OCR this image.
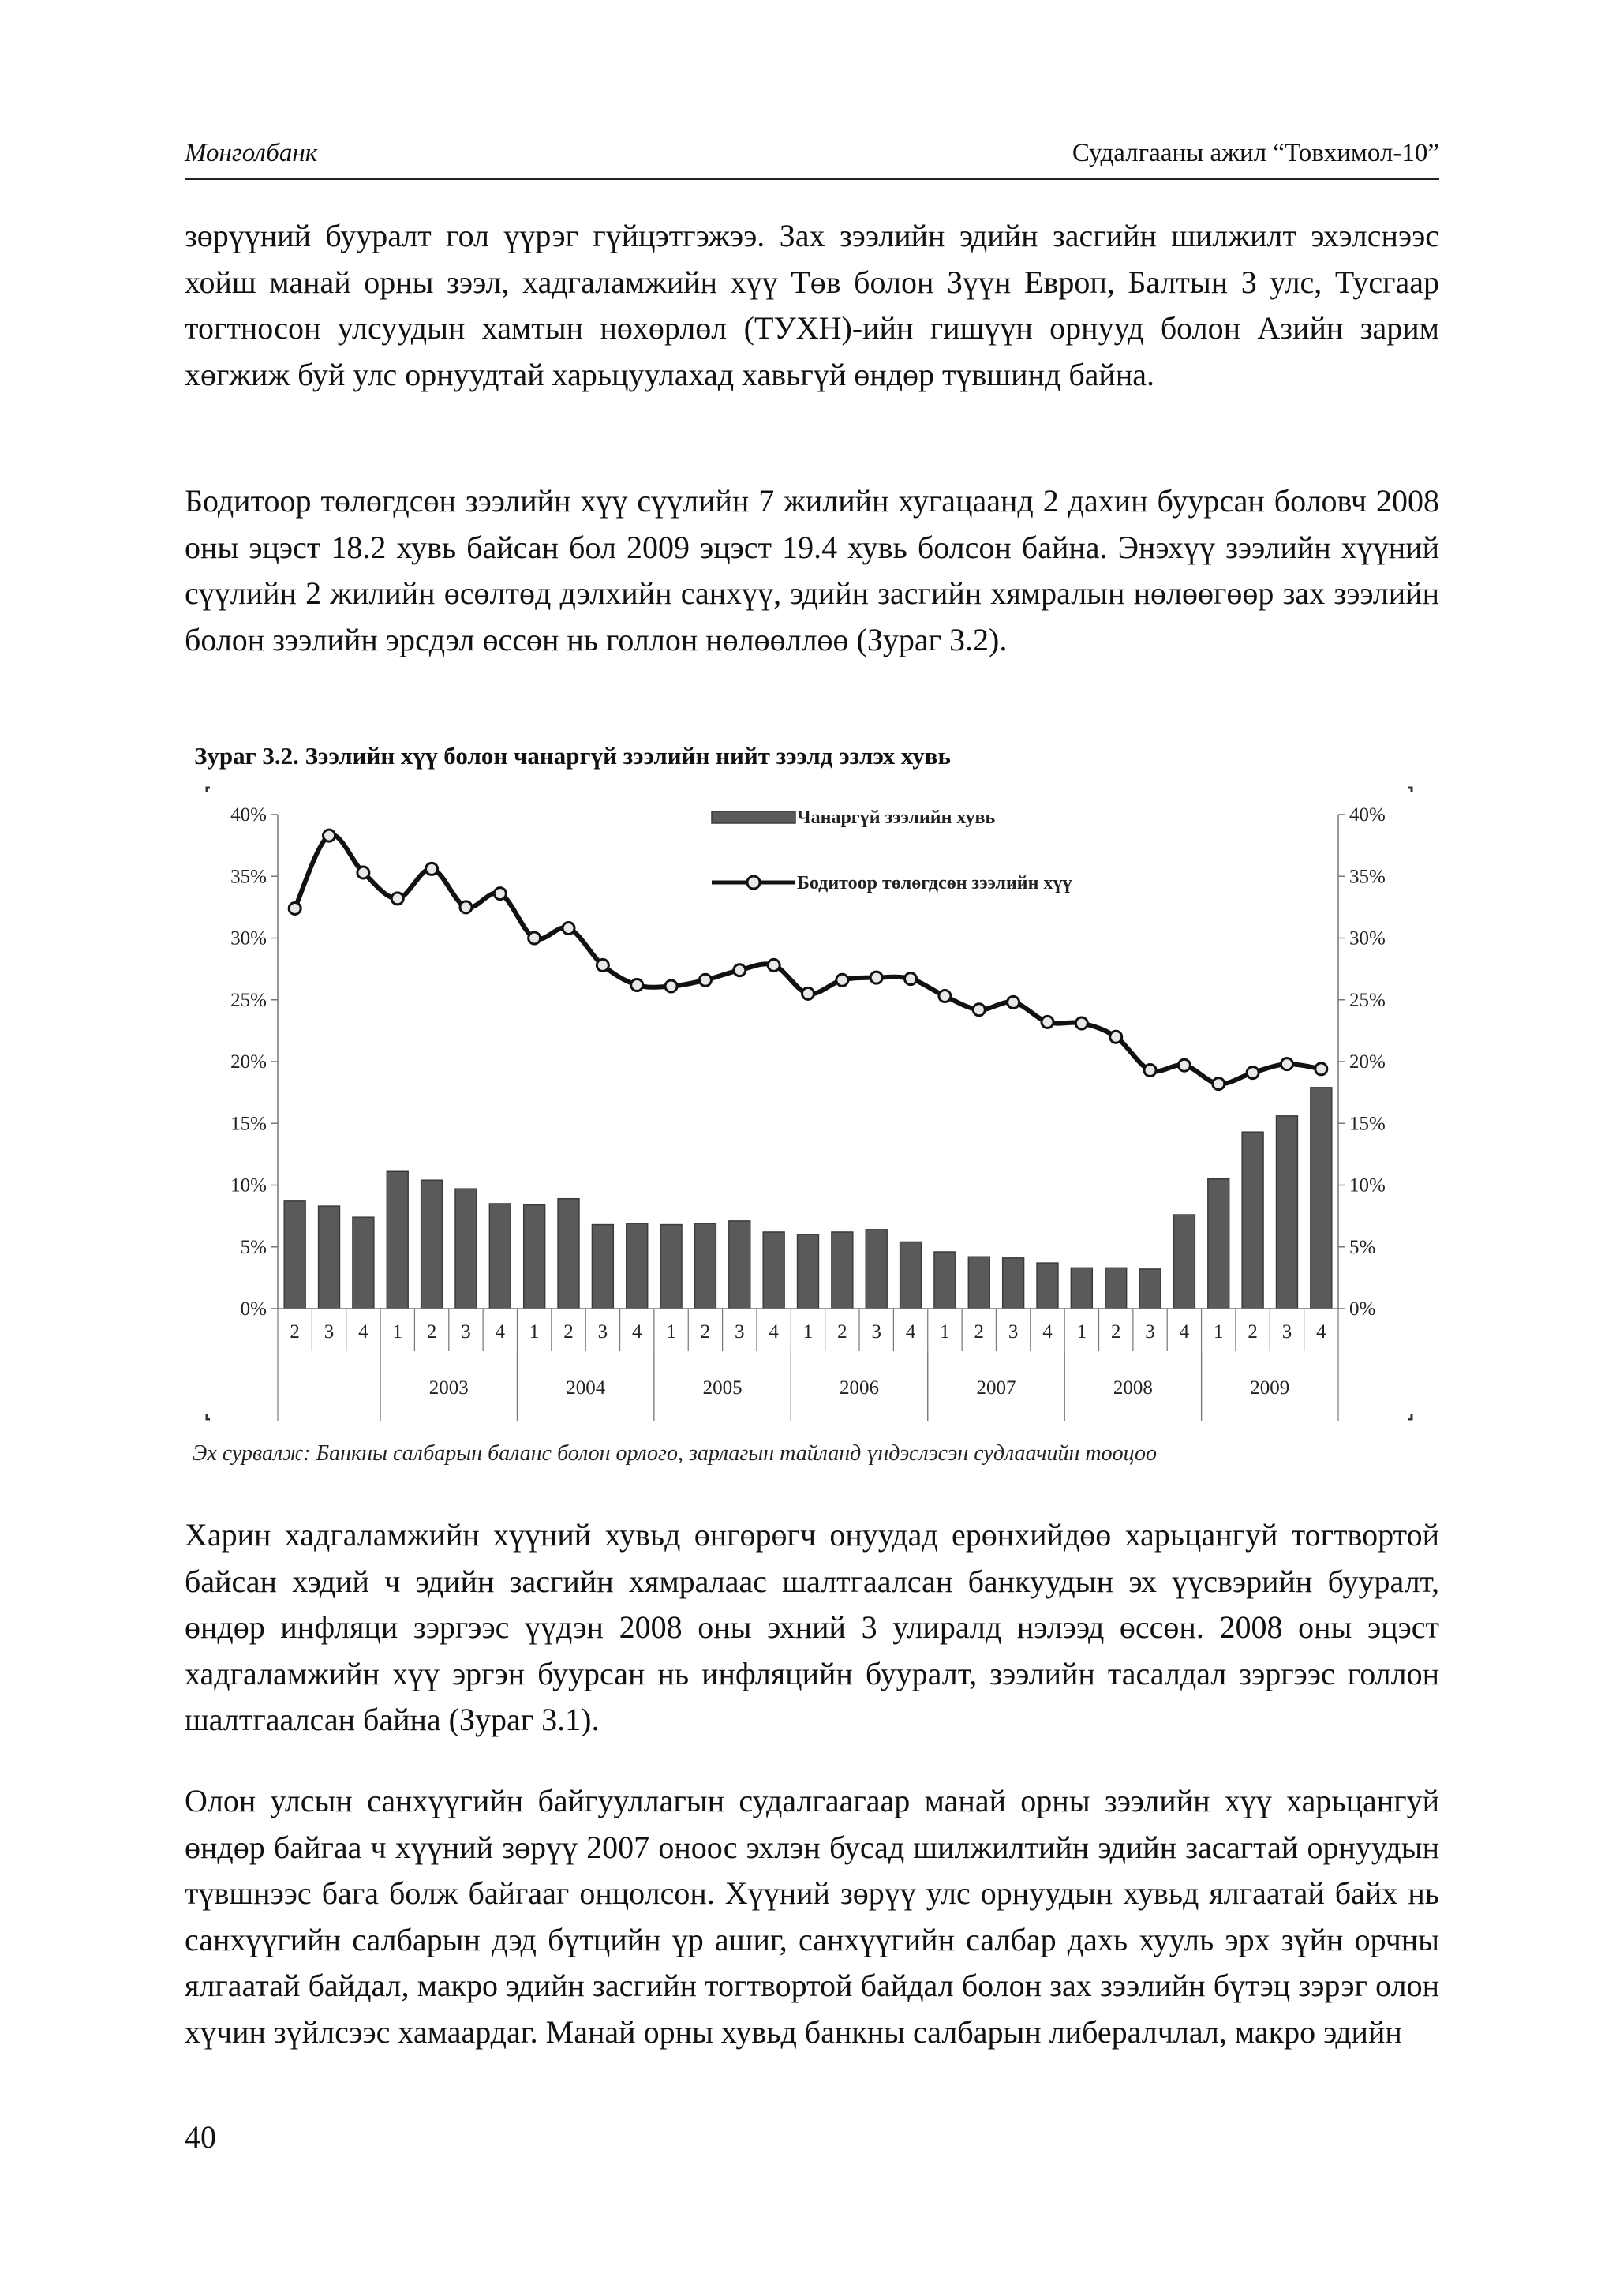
Монголбанк	Судалгааны ажил “Товхимол-10”

зөрүүний бууралт гол үүрэг гүйцэтгэжээ. Зах зээлийн эдийн засгийн шилжилт эхэлснээс хойш манай орны зээл, хадгаламжийн хүү Төв болон Зүүн Европ, Балтын 3 улс, Тусгаар тогтносон улсуудын хамтын нөхөрлөл (ТУХН)-ийн гишүүн орнууд болон Азийн зарим хөгжиж буй улс орнуудтай харьцуулахад хавьгүй өндөр түвшинд байна.

Бодитоор төлөгдсөн зээлийн хүү сүүлийн 7 жилийн хугацаанд 2 дахин буурсан боловч 2008 оны эцэст 18.2 хувь байсан бол 2009 эцэст 19.4 хувь болсон байна. Энэхүү зээлийн хүүний сүүлийн 2 жилийн өсөлтөд дэлхийн санхүү, эдийн засгийн хямралын нөлөөгөөр зах зээлийн болон зээлийн эрсдэл өссөн нь голлон нөлөөллөө (Зураг 3.2).

Зураг 3.2. Зээлийн хүү болон чанаргүй зээлийн нийт зээлд эзлэх хувь
0%
5%
10%
15%
20%
25%
30%
35%
40%
0%
5%
10%
15%
20%
25%
30%
35%
40%
2 3 4 1 2 3 4 1 2 3 4 1 2 3 4 1 2 3 4 1 2 3 4 1 2 3 4 1 2 3 4
2003	2004	2005	2006	2007	2008	2009
Чанаргүй зээлийн хувь
Бодитоор төлөгдсөн зээлийн хүү
Эх сурвалж: Банкны салбарын баланс болон орлого, зарлагын тайланд үндэслэсэн судлаачийн тооцоо

Харин хадгаламжийн хүүний хувьд өнгөрөгч онуудад ерөнхийдөө харьцангуй тогтвортой байсан хэдий ч эдийн засгийн хямралаас шалтгаалсан банкуудын эх үүсвэрийн бууралт, өндөр инфляци зэргээс үүдэн 2008 оны эхний 3 улиралд нэлээд өссөн. 2008 оны эцэст хадгаламжийн хүү эргэн буурсан нь инфляцийн бууралт, зээлийн тасалдал зэргээс голлон шалтгаалсан байна (Зураг 3.1).

Олон улсын санхүүгийн байгууллагын судалгаагаар манай орны зээлийн хүү харьцангуй өндөр байгаа ч хүүний зөрүү 2007 оноос эхлэн бусад шилжилтийн эдийн засагтай орнуудын түвшнээс бага болж байгааг онцолсон. Хүүний зөрүү улс орнуудын хувьд ялгаатай байх нь санхүүгийн салбарын дэд бүтцийн үр ашиг, санхүүгийн салбар дахь хууль эрх зүйн орчны ялгаатай байдал, макро эдийн засгийн тогтвортой байдал болон зах зээлийн бүтэц зэрэг олон хүчин зүйлсээс хамаардаг. Манай орны хувьд банкны салбарын либералчлал, макро эдийн

40
